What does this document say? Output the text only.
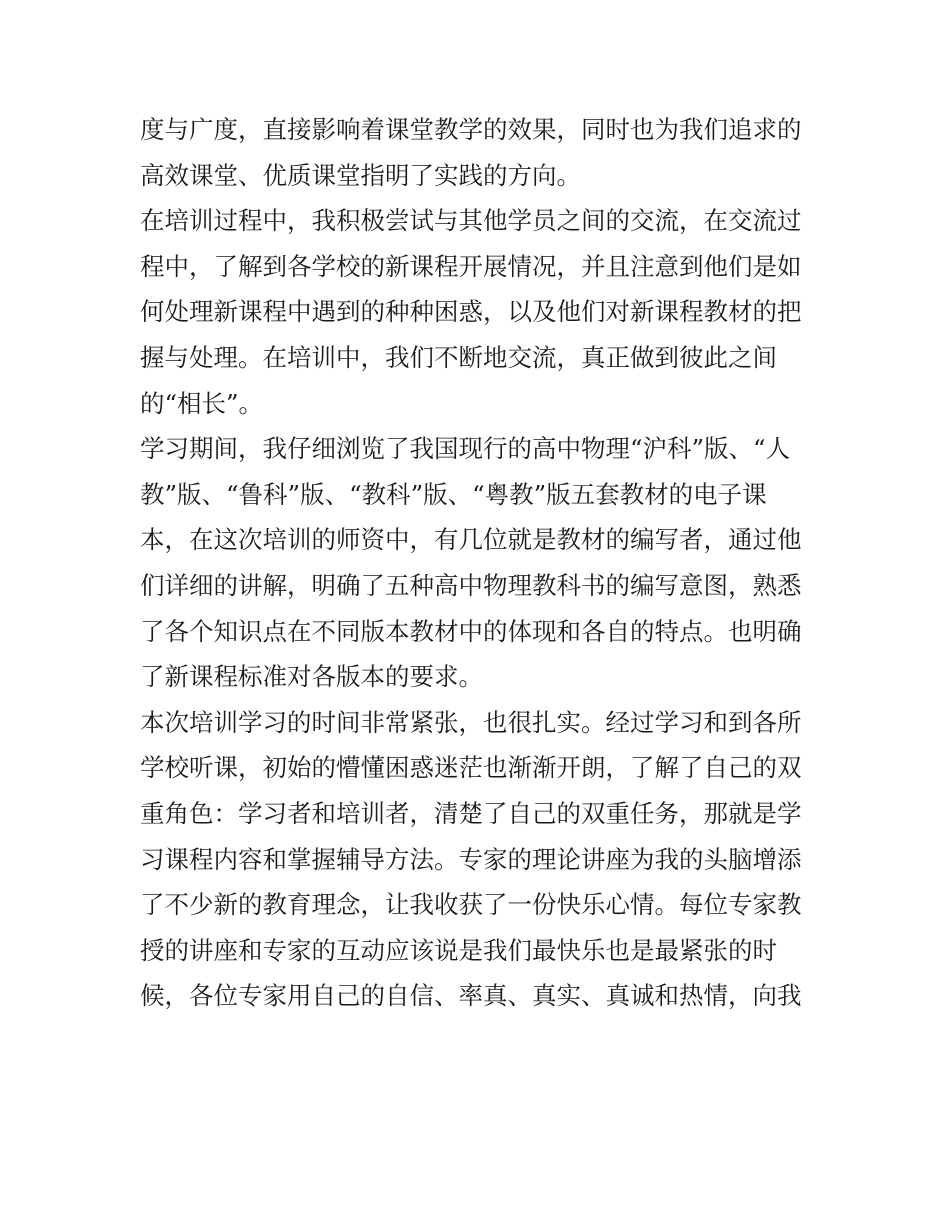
度与广度，直接影响着课堂教学的效果，同时也为我们追求的
高效课堂、优质课堂指明了实践的方向。
在培训过程中，我积极尝试与其他学员之间的交流，在交流过
程中，了解到各学校的新课程开展情况，并且注意到他们是如
何处理新课程中遇到的种种困惑，以及他们对新课程教材的把
握与处理。在培训中，我们不断地交流，真正做到彼此之间
的“相长”。
学习期间，我仔细浏览了我国现行的高中物理“沪科”版、“人
教”版、“鲁科”版、“教科”版、“粤教”版五套教材的电子课
本，在这次培训的师资中，有几位就是教材的编写者，通过他
们详细的讲解，明确了五种高中物理教科书的编写意图，熟悉
了各个知识点在不同版本教材中的体现和各自的特点。也明确
了新课程标准对各版本的要求。
本次培训学习的时间非常紧张，也很扎实。经过学习和到各所
学校听课，初始的懵懂困惑迷茫也渐渐开朗，了解了自己的双
重角色：学习者和培训者，清楚了自己的双重任务，那就是学
习课程内容和掌握辅导方法。专家的理论讲座为我的头脑增添
了不少新的教育理念，让我收获了一份快乐心情。每位专家教
授的讲座和专家的互动应该说是我们最快乐也是最紧张的时
候，各位专家用自己的自信、率真、真实、真诚和热情，向我
